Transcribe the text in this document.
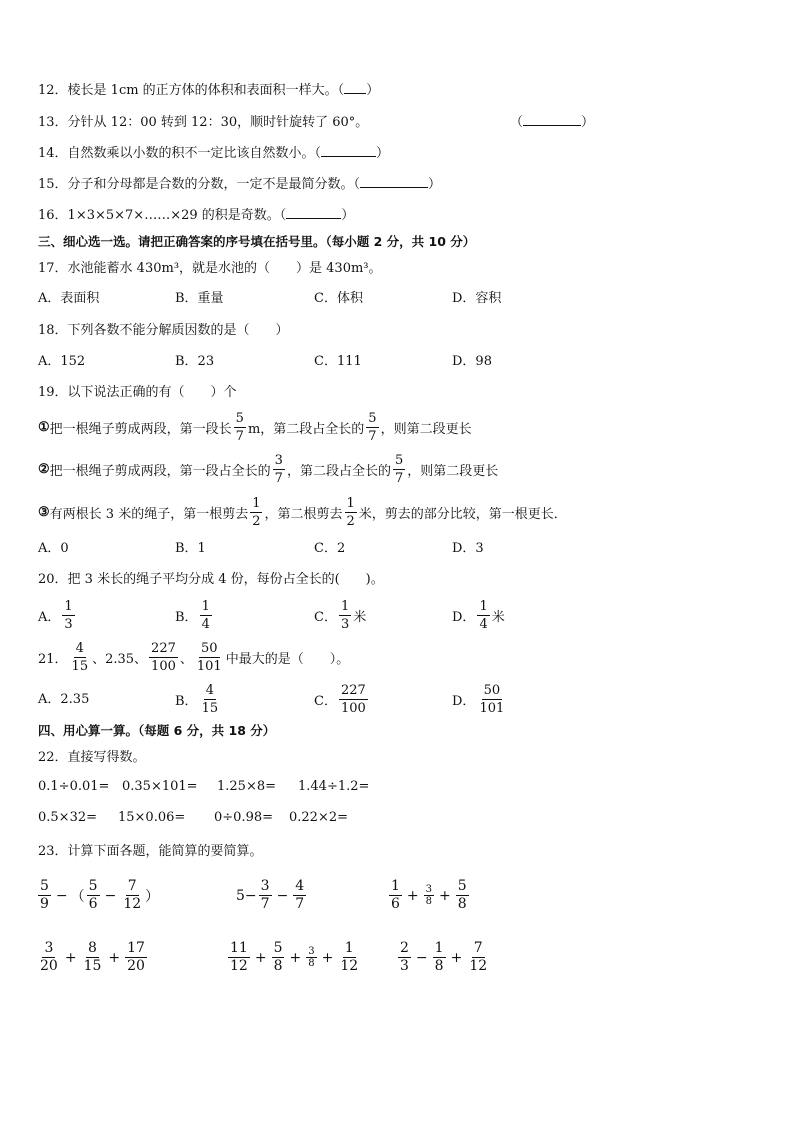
12．棱长是 1cm 的正方体的体积和表面积一样大。（ ）
13．分针从 12：00 转到 12：30，顺时针旋转了 60°。	（	）
14．自然数乘以小数的积不一定比该自然数小。（	）
15．分子和分母都是合数的分数，一定不是最简分数。（	）
16．1×3×5×7×……×29 的积是奇数。（	）
三、细心选一选。请把正确答案的序号填在括号里。（每小题 2 分，共 10 分）
17．水池能蓄水 430m³，就是水池的（　　）是 430m³。
A．表面积	B．重量	C．体积	D．容积
18．下列各数不能分解质因数的是（　　）
A．152	B．23	C．111	D．98
19．以下说法正确的有（　　）个
① 把一根绳子剪成两段，第一段长 $\frac{5}{7}$ m，第二段占全长的 $\frac{5}{7}$ ，则第二段更长
② 把一根绳子剪成两段，第一段占全长的 $\frac{3}{7}$ ，第二段占全长的 $\frac{5}{7}$ ，则第二段更长
③ 有两根长 3 米的绳子，第一根剪去 $\frac{1}{2}$ ，第二根剪去 $\frac{1}{2}$ 米，剪去的部分比较，第一根更长．
A．0	B．1	C．2	D．3
20．把 3 米长的绳子平均分成 4 份，每份占全长的(　　)。
A． $\frac{1}{3}$	B． $\frac{1}{4}$	C． $\frac{1}{3}$ 米	D． $\frac{1}{4}$ 米
21． $\frac{4}{15}$ 、2.35、 $\frac{227}{100}$ 、 $\frac{50}{101}$ 中最大的是（　　）。
A．2.35	B． $\frac{4}{15}$	C． $\frac{227}{100}$	D． $\frac{50}{101}$
四、用心算一算。（每题 6 分，共 18 分）
22．直接写得数。
0.1÷0.01= 0.35×101= 1.25×8= 1.44÷1.2=
0.5×32= 15×0.06= 0÷0.98= 0.22×2=
23．计算下面各题，能简算的要简算。
$\frac{5}{9}$ − （ $\frac{5}{6} - \frac{7}{12}$ ）	$5- \frac{3}{7} - \frac{4}{7}$	$\frac{1}{6} + \frac{3}{8} + \frac{5}{8}$
$\frac{3}{20} + \frac{8}{15} + \frac{17}{20}$	$\frac{11}{12} + \frac{5}{8} + \frac{3}{8} + \frac{1}{12}$	$\frac{2}{3} - \frac{1}{8} + \frac{7}{12}$
